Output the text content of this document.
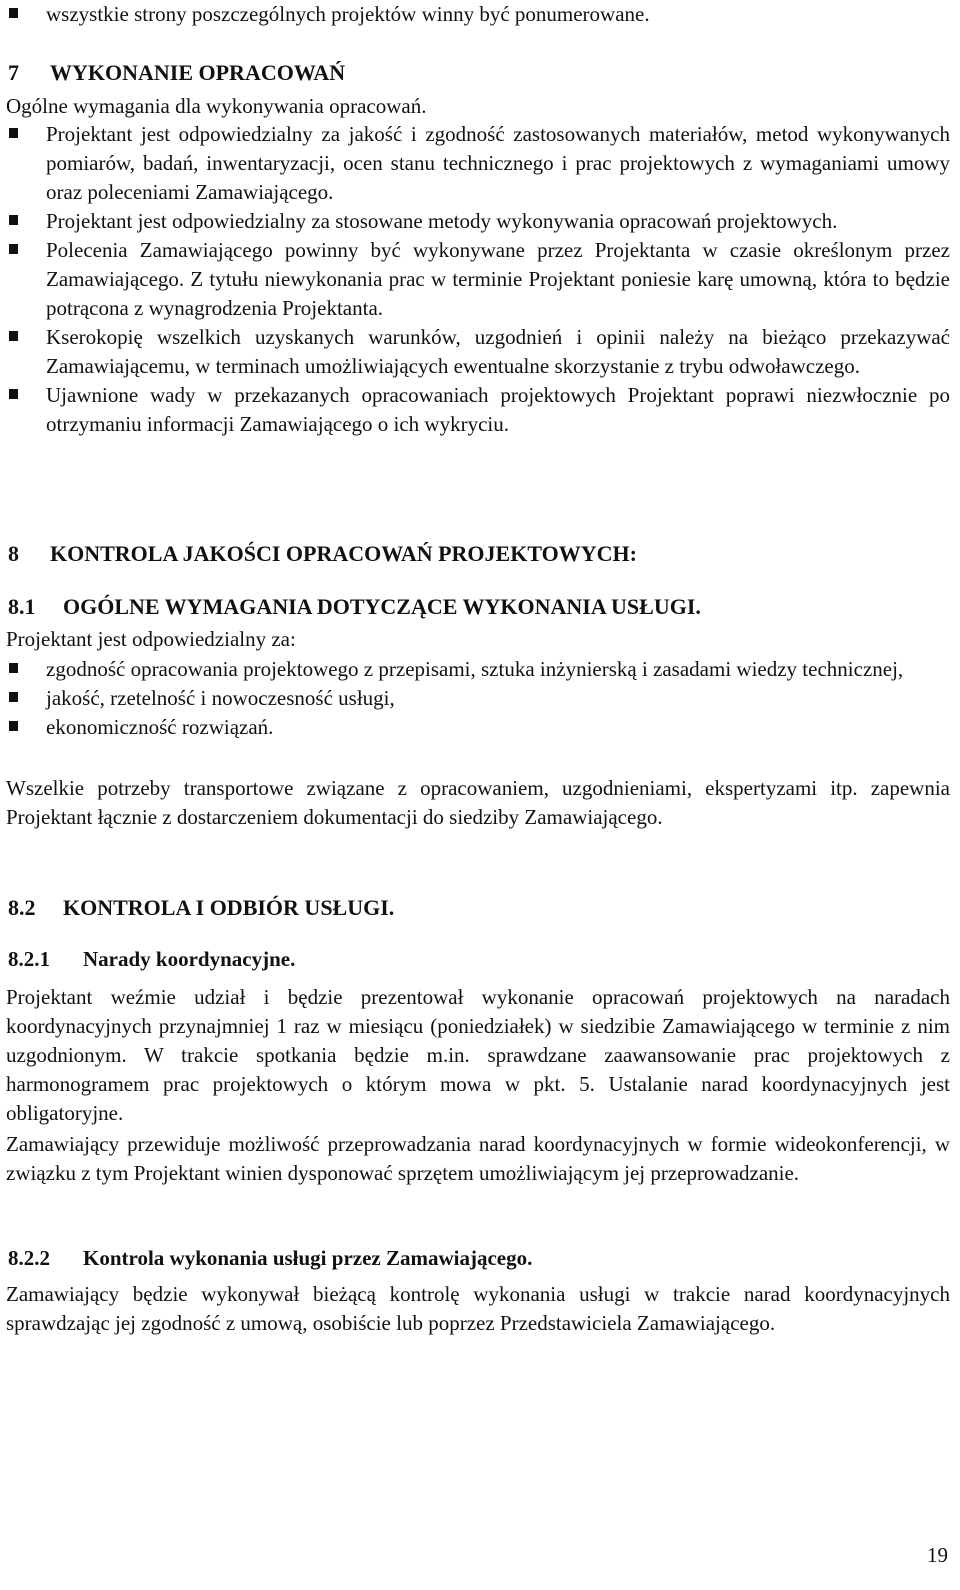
wszystkie strony poszczególnych projektów winny być ponumerowane.
7 WYKONANIE OPRACOWAŃ

Ogólne wymagania dla wykonywania opracowań.

Projektant jest odpowiedzialny za jakość i zgodność zastosowanych materiałów, metod wykonywanych pomiarów, badań, inwentaryzacji, ocen stanu technicznego i prac projektowych z wymaganiami umowy oraz poleceniami Zamawiającego.
Projektant jest odpowiedzialny za stosowane metody wykonywania opracowań projektowych.
Polecenia Zamawiającego powinny być wykonywane przez Projektanta w czasie określonym przez Zamawiającego. Z tytułu niewykonania prac w terminie Projektant poniesie karę umowną, która to będzie potrącona z wynagrodzenia Projektanta.
Kserokopię wszelkich uzyskanych warunków, uzgodnień i opinii należy na bieżąco przekazywać Zamawiającemu, w terminach umożliwiających ewentualne skorzystanie z trybu odwoławczego.
Ujawnione wady w przekazanych opracowaniach projektowych Projektant poprawi niezwłocznie po otrzymaniu informacji Zamawiającego o ich wykryciu.
8 KONTROLA JAKOŚCI OPRACOWAŃ PROJEKTOWYCH:
8.1 OGÓLNE WYMAGANIA DOTYCZĄCE WYKONANIA USŁUGI.

Projektant jest odpowiedzialny za:

zgodność opracowania projektowego z przepisami, sztuka inżynierską i zasadami wiedzy technicznej,
jakość, rzetelność i nowoczesność usługi,
ekonomiczność rozwiązań.

Wszelkie potrzeby transportowe związane z opracowaniem, uzgodnieniami, ekspertyzami itp. zapewnia Projektant łącznie z dostarczeniem dokumentacji do siedziby Zamawiającego.

8.2 KONTROLA I ODBIÓR USŁUGI.
8.2.1 Narady koordynacyjne.

Projektant weźmie udział i będzie prezentował wykonanie opracowań projektowych na naradach koordynacyjnych przynajmniej 1 raz w miesiącu (poniedziałek) w siedzibie Zamawiającego w terminie z nim uzgodnionym. W trakcie spotkania będzie m.in. sprawdzane zaawansowanie prac projektowych z harmonogramem prac projektowych o którym mowa w pkt. 5. Ustalanie narad koordynacyjnych jest obligatoryjne.

Zamawiający przewiduje możliwość przeprowadzania narad koordynacyjnych w formie wideokonferencji, w związku z tym Projektant winien dysponować sprzętem umożliwiającym jej przeprowadzanie.

8.2.2 Kontrola wykonania usługi przez Zamawiającego.

Zamawiający będzie wykonywał bieżącą kontrolę wykonania usługi w trakcie narad koordynacyjnych sprawdzając jej zgodność z umową, osobiście lub poprzez Przedstawiciela Zamawiającego.

19
